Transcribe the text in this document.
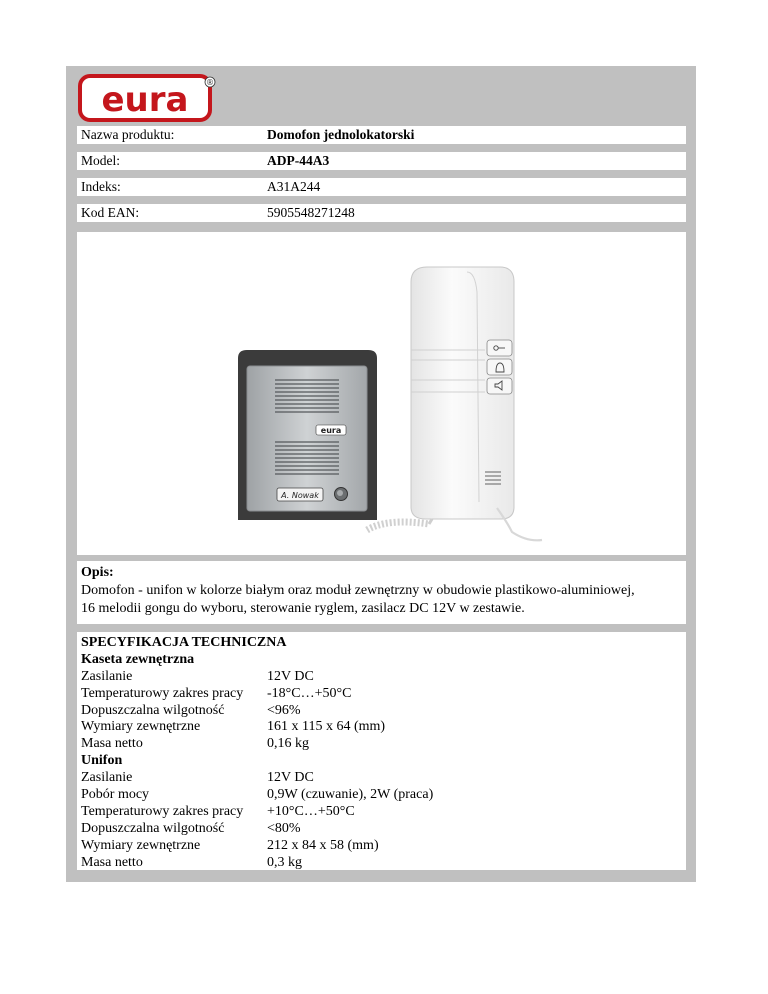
eura ®
Nazwa produktu:	Domofon jednolokatorski
Model:	ADP-44A3
Indeks:	A31A244
Kod EAN:	5905548271248
eura
A. Nowak
Opis:
Domofon - unifon w kolorze białym oraz moduł zewnętrzny w obudowie plastikowo-aluminiowej,
16 melodii gongu do wyboru, sterowanie ryglem, zasilacz DC 12V w zestawie.
SPECYFIKACJA TECHNICZNA
Kaseta zewnętrzna
Zasilanie	12V DC
Temperaturowy zakres pracy -18°C…+50°C
Dopuszczalna wilgotność	<96%
Wymiary zewnętrzne	161 x 115 x 64 (mm)
Masa netto	0,16 kg
Unifon
Zasilanie	12V DC
Pobór mocy	0,9W (czuwanie), 2W (praca)
Temperaturowy zakres pracy +10°C…+50°C
Dopuszczalna wilgotność	<80%
Wymiary zewnętrzne	212 x 84 x 58 (mm)
Masa netto	0,3 kg
